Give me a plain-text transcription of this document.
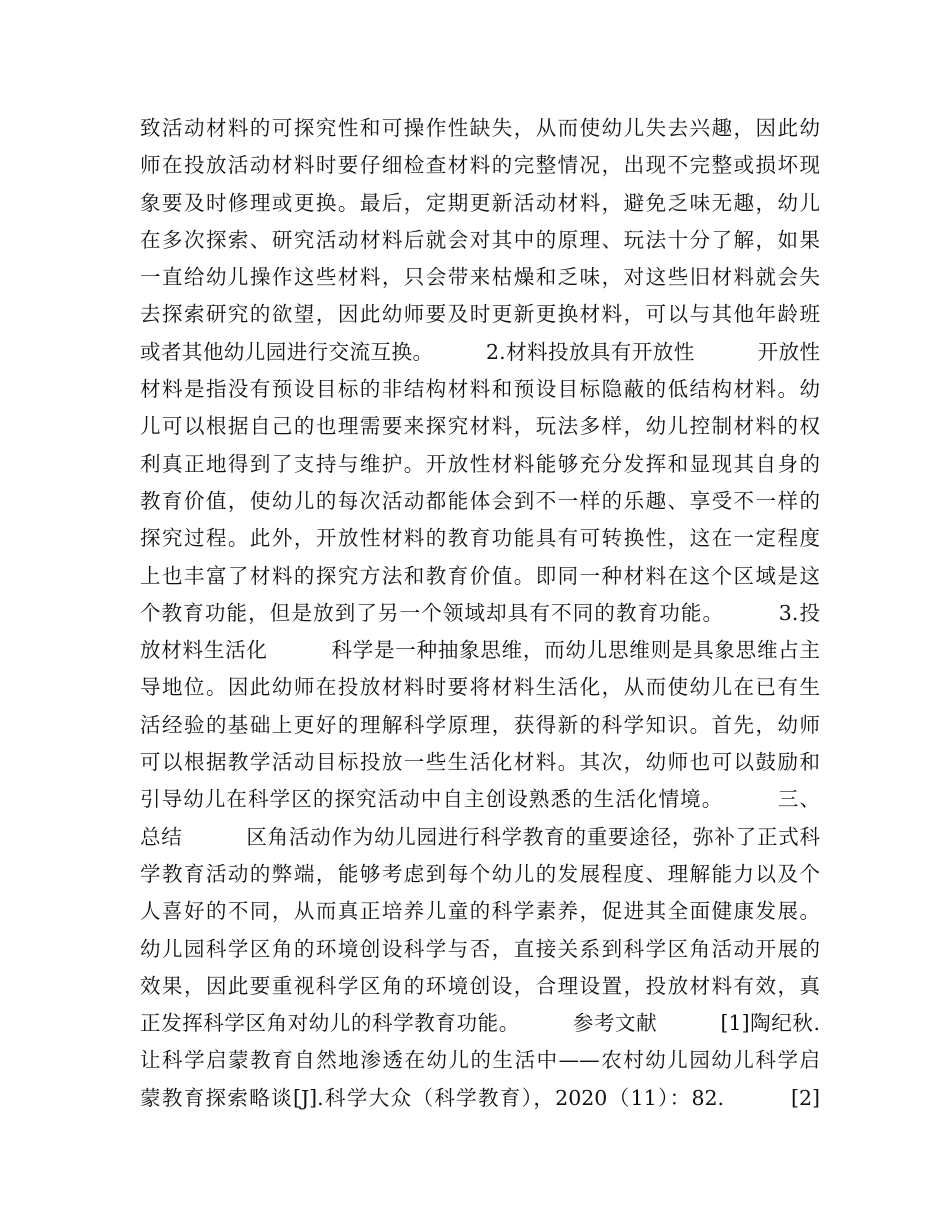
致活动材料的可探究性和可操作性缺失，从而使幼儿失去兴趣，因此幼
师在投放活动材料时要仔细检查材料的完整情况，出现不完整或损坏现
象要及时修理或更换。最后，定期更新活动材料，避免乏味无趣，幼儿
在多次探索、研究活动材料后就会对其中的原理、玩法十分了解，如果
一直给幼儿操作这些材料，只会带来枯燥和乏味，对这些旧材料就会失
去探索研究的欲望，因此幼师要及时更新更换材料，可以与其他年龄班
或者其他幼儿园进行交流互换。　　　2.材料投放具有开放性　　　开放性
材料是指没有预设目标的非结构材料和预设目标隐蔽的低结构材料。幼
儿可以根据自己的也理需要来探究材料，玩法多样，幼儿控制材料的权
利真正地得到了支持与维护。开放性材料能够充分发挥和显现其自身的
教育价值，使幼儿的每次活动都能体会到不一样的乐趣、享受不一样的
探究过程。此外，开放性材料的教育功能具有可转换性，这在一定程度
上也丰富了材料的探究方法和教育价值。即同一种材料在这个区域是这
个教育功能，但是放到了另一个领域却具有不同的教育功能。　　　3.投
放材料生活化　　　科学是一种抽象思维，而幼儿思维则是具象思维占主
导地位。因此幼师在投放材料时要将材料生活化，从而使幼儿在已有生
活经验的基础上更好的理解科学原理，获得新的科学知识。首先，幼师
可以根据教学活动目标投放一些生活化材料。其次，幼师也可以鼓励和
引导幼儿在科学区的探究活动中自主创设熟悉的生活化情境。　　　三、
总结　　　区角活动作为幼儿园进行科学教育的重要途径，弥补了正式科
学教育活动的弊端，能够考虑到每个幼儿的发展程度、理解能力以及个
人喜好的不同，从而真正培养儿童的科学素养，促进其全面健康发展。
幼儿园科学区角的环境创设科学与否，直接关系到科学区角活动开展的
效果，因此要重视科学区角的环境创设，合理设置，投放材料有效，真
正发挥科学区角对幼儿的科学教育功能。　　　参考文献　　　[1]陶纪秋.
让科学启蒙教育自然地渗透在幼儿的生活中——农村幼儿园幼儿科学启
蒙教育探索略谈[J].科学大众（科学教育），2020（11）：82.　　　[2]
